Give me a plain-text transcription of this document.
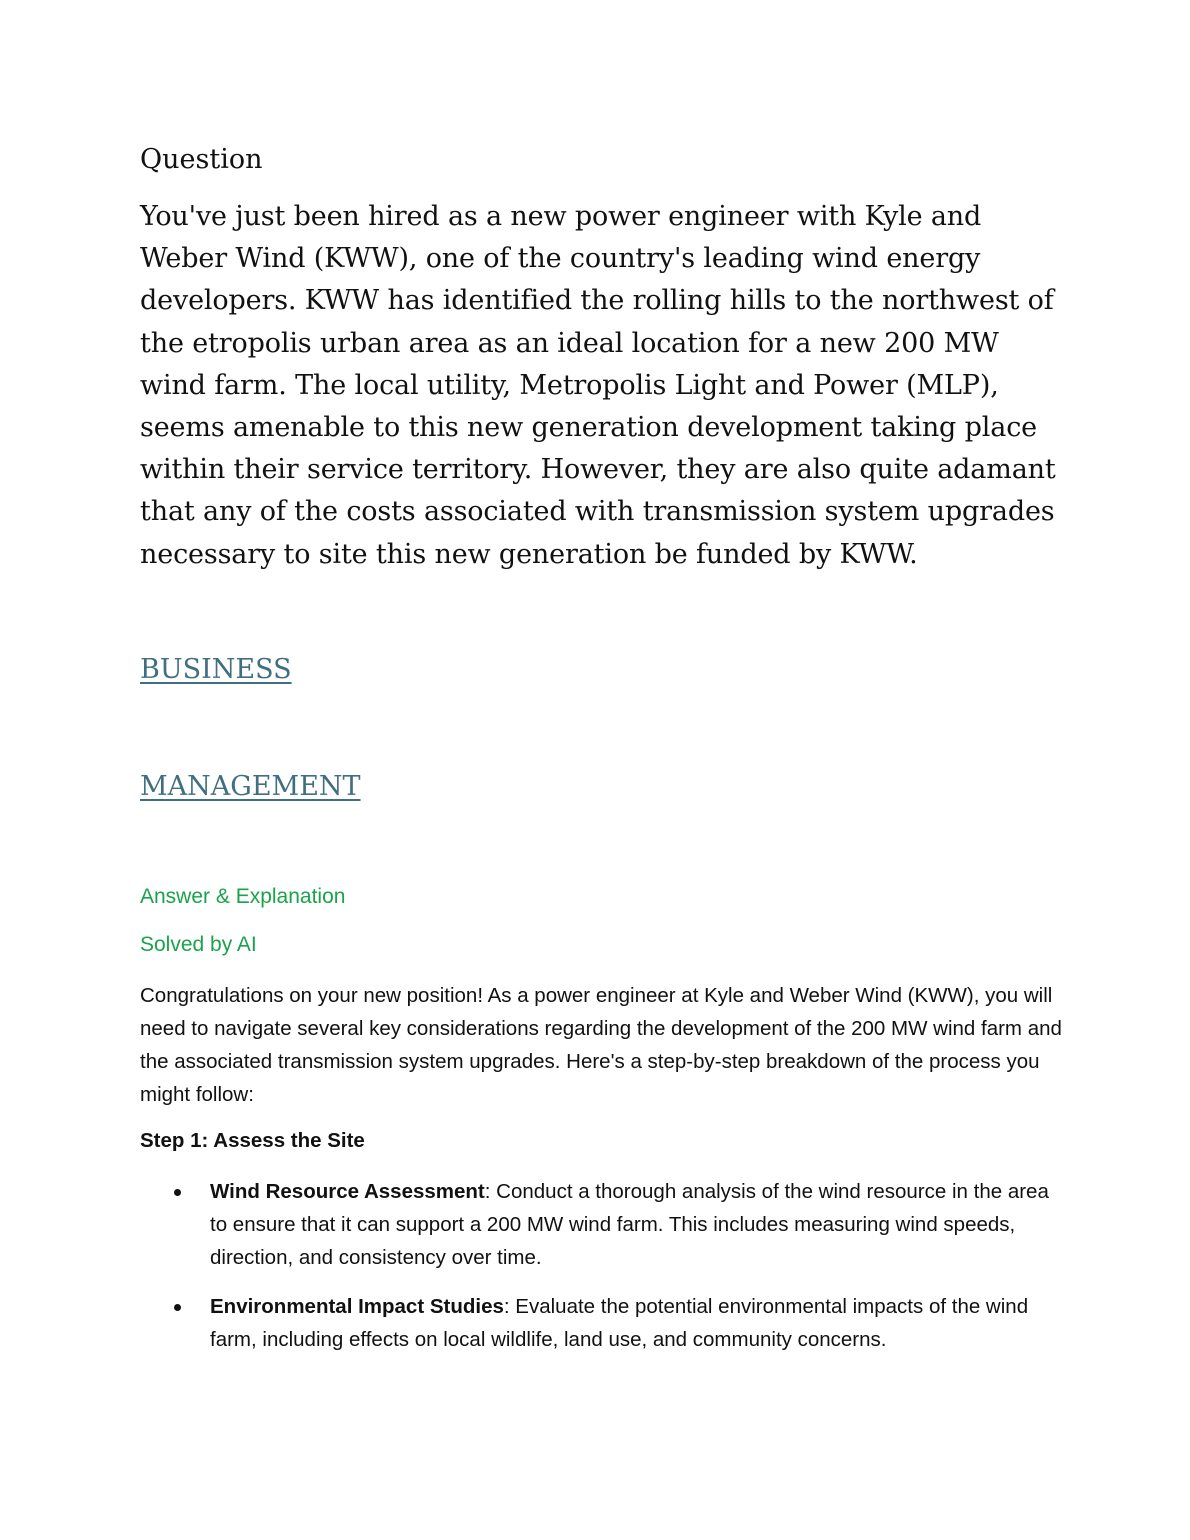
Question

You've just been hired as a new power engineer with Kyle and Weber Wind (KWW), one of the country's leading wind energy developers. KWW has identified the rolling hills to the northwest of the etropolis urban area as an ideal location for a new 200 MW wind farm. The local utility, Metropolis Light and Power (MLP), seems amenable to this new generation development taking place within their service territory. However, they are also quite adamant that any of the costs associated with transmission system upgrades necessary to site this new generation be funded by KWW.

BUSINESS
MANAGEMENT
Answer & Explanation
Solved by AI

Congratulations on your new position! As a power engineer at Kyle and Weber Wind (KWW), you will need to navigate several key considerations regarding the development of the 200 MW wind farm and the associated transmission system upgrades. Here's a step-by-step breakdown of the process you might follow:

Step 1: Assess the Site

Wind Resource Assessment: Conduct a thorough analysis of the wind resource in the area to ensure that it can support a 200 MW wind farm. This includes measuring wind speeds, direction, and consistency over time.
Environmental Impact Studies: Evaluate the potential environmental impacts of the wind farm, including effects on local wildlife, land use, and community concerns.
